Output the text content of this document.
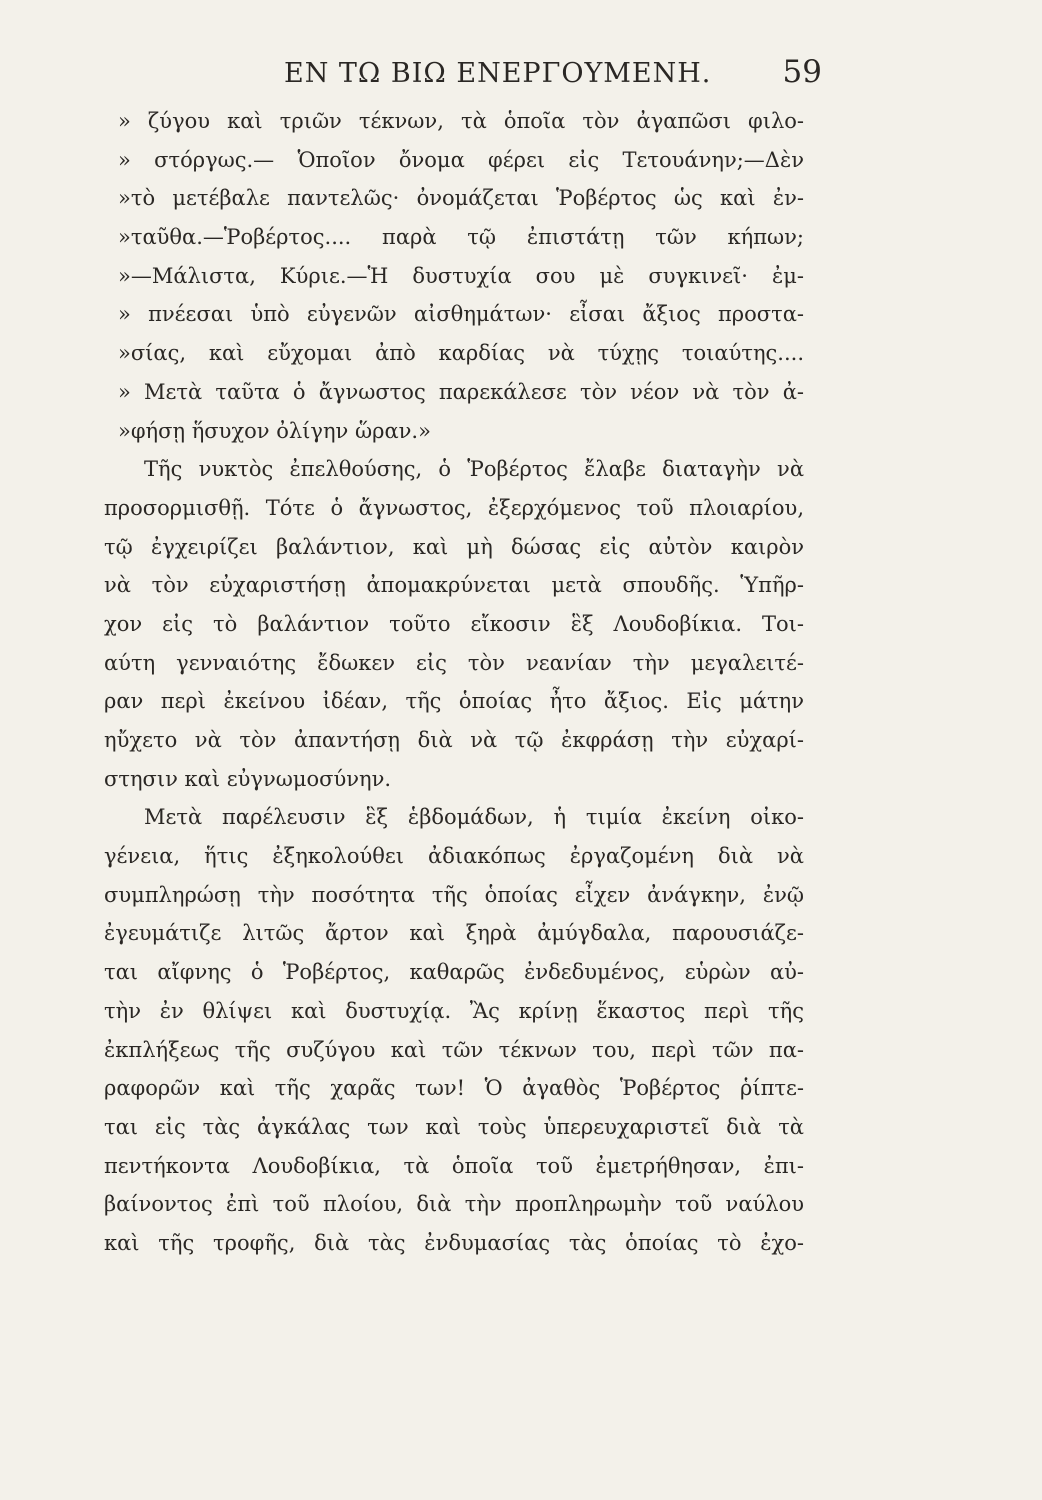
ΕΝ ΤΩ ΒΙΩ ΕΝΕΡΓΟΥΜΕΝΗ. 59
» ζύγου καὶ τριῶν τέκνων, τὰ ὁποῖα τὸν ἀγαπῶσι φιλο-
» στόργως.— Ὁποῖον ὄνομα φέρει εἰς Τετουάνην;—Δὲν
»τὸ μετέβαλε παντελῶς· ὀνομάζεται Ῥοβέρτος ὡς καὶ ἐν-
»ταῦθα.—Ῥοβέρτος.... παρὰ τῷ ἐπιστάτῃ τῶν κήπων;
»—Μάλιστα, Κύριε.—Ἡ δυστυχία σου μὲ συγκινεῖ· ἐμ-
» πνέεσαι ὑπὸ εὐγενῶν αἰσθημάτων· εἶσαι ἄξιος προστα-
»σίας, καὶ εὔχομαι ἀπὸ καρδίας νὰ τύχῃς τοιαύτης....
» Μετὰ ταῦτα ὁ ἄγνωστος παρεκάλεσε τὸν νέον νὰ τὸν ἀ-
»φήσῃ ἥσυχον ὀλίγην ὥραν.»
Τῆς νυκτὸς ἐπελθούσης, ὁ Ῥοβέρτος ἔλαβε διαταγὴν νὰ
προσορμισθῇ. Τότε ὁ ἄγνωστος, ἐξερχόμενος τοῦ πλοιαρίου,
τῷ ἐγχειρίζει βαλάντιον, καὶ μὴ δώσας εἰς αὐτὸν καιρὸν
νὰ τὸν εὐχαριστήσῃ ἀπομακρύνεται μετὰ σπουδῆς. Ὑπῆρ-
χον εἰς τὸ βαλάντιον τοῦτο εἴκοσιν ἓξ Λουδοβίκια. Τοι-
αύτη γενναιότης ἔδωκεν εἰς τὸν νεανίαν τὴν μεγαλειτέ-
ραν περὶ ἐκείνου ἰδέαν, τῆς ὁποίας ἦτο ἄξιος. Εἰς μάτην
ηὔχετο νὰ τὸν ἀπαντήσῃ διὰ νὰ τῷ ἐκφράσῃ τὴν εὐχαρί-
στησιν καὶ εὐγνωμοσύνην.
Μετὰ παρέλευσιν ἓξ ἑβδομάδων, ἡ τιμία ἐκείνη οἰκο-
γένεια, ἥτις ἐξηκολούθει ἀδιακόπως ἐργαζομένη διὰ νὰ
συμπληρώσῃ τὴν ποσότητα τῆς ὁποίας εἶχεν ἀνάγκην, ἐνῷ
ἐγευμάτιζε λιτῶς ἄρτον καὶ ξηρὰ ἀμύγδαλα, παρουσιάζε-
ται αἴφνης ὁ Ῥοβέρτος, καθαρῶς ἐνδεδυμένος, εὑρὼν αὐ-
τὴν ἐν θλίψει καὶ δυστυχίᾳ. Ἂς κρίνῃ ἕκαστος περὶ τῆς
ἐκπλήξεως τῆς συζύγου καὶ τῶν τέκνων του, περὶ τῶν πα-
ραφορῶν καὶ τῆς χαρᾶς των! Ὁ ἀγαθὸς Ῥοβέρτος ῥίπτε-
ται εἰς τὰς ἀγκάλας των καὶ τοὺς ὑπερευχαριστεῖ διὰ τὰ
πεντήκοντα Λουδοβίκια, τὰ ὁποῖα τοῦ ἐμετρήθησαν, ἐπι-
βαίνοντος ἐπὶ τοῦ πλοίου, διὰ τὴν προπληρωμὴν τοῦ ναύλου
καὶ τῆς τροφῆς, διὰ τὰς ἐνδυμασίας τὰς ὁποίας τὸ ἐχο-
